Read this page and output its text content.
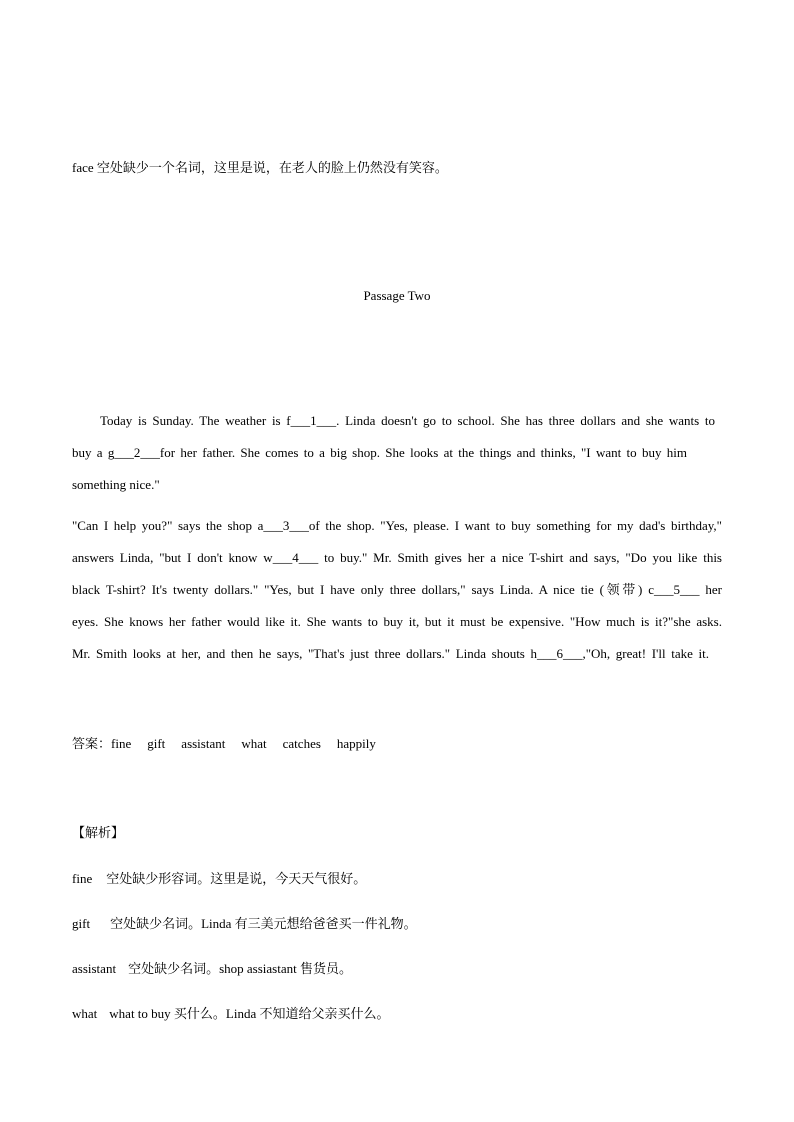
face 空处缺少一个名词，这里是说，在老人的脸上仍然没有笑容。
Passage Two
Today is Sunday. The weather is f___1___. Linda doesn't go to school. She has three dollars and she wants to
buy a g___2___for her father. She comes to a big shop. She looks at the things and thinks, "I want to buy him
something nice."
"Can I help you?" says the shop a___3___of the shop. "Yes, please. I want to buy something for my dad's birthday,"
answers Linda, "but I don't know w___4___ to buy." Mr. Smith gives her a nice T-shirt and says, "Do you like this
black T-shirt? It's twenty dollars." "Yes, but I have only three dollars," says Linda. A nice tie (领带) c___5___ her
eyes. She knows her father would like it. She wants to buy it, but it must be expensive. "How much is it?"she asks.
Mr. Smith looks at her, and then he says, "That's just three dollars." Linda shouts h___6___,"Oh, great! I'll take it.
答案：fine gift assistant what catches happily
【解析】
fine 空处缺少形容词。这里是说，今天天气很好。
gift 空处缺少名词。Linda 有三美元想给爸爸买一件礼物。
assistant 空处缺少名词。shop assiastant 售货员。
what what to buy 买什么。Linda 不知道给父亲买什么。
